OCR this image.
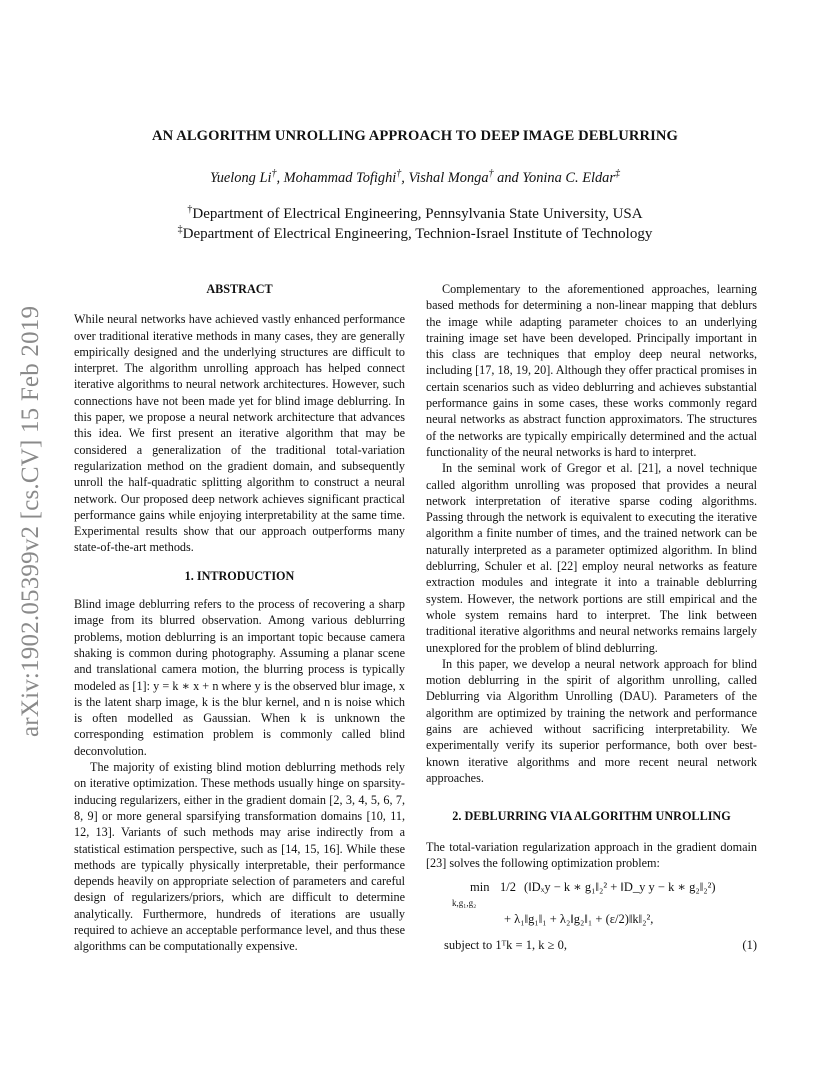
arXiv:1902.05399v2 [cs.CV] 15 Feb 2019
AN ALGORITHM UNROLLING APPROACH TO DEEP IMAGE DEBLURRING
Yuelong Li†, Mohammad Tofighi†, Vishal Monga† and Yonina C. Eldar‡
†Department of Electrical Engineering, Pennsylvania State University, USA
‡Department of Electrical Engineering, Technion-Israel Institute of Technology
ABSTRACT

While neural networks have achieved vastly enhanced performance over traditional iterative methods in many cases, they are generally empirically designed and the underlying structures are difficult to interpret. The algorithm unrolling approach has helped connect iterative algorithms to neural network architectures. However, such connections have not been made yet for blind image deblurring. In this paper, we propose a neural network architecture that advances this idea. We first present an iterative algorithm that may be considered a generalization of the traditional total-variation regularization method on the gradient domain, and subsequently unroll the half-quadratic splitting algorithm to construct a neural network. Our proposed deep network achieves significant practical performance gains while enjoying interpretability at the same time. Experimental results show that our approach outperforms many state-of-the-art methods.

1. INTRODUCTION

Blind image deblurring refers to the process of recovering a sharp image from its blurred observation. Among various deblurring problems, motion deblurring is an important topic because camera shaking is common during photography. Assuming a planar scene and translational camera motion, the blurring process is typically modeled as [1]: y = k ∗ x + n where y is the observed blur image, x is the latent sharp image, k is the blur kernel, and n is noise which is often modelled as Gaussian. When k is unknown the corresponding estimation problem is commonly called blind deconvolution.

The majority of existing blind motion deblurring methods rely on iterative optimization. These methods usually hinge on sparsity-inducing regularizers, either in the gradient domain [2, 3, 4, 5, 6, 7, 8, 9] or more general sparsifying transformation domains [10, 11, 12, 13]. Variants of such methods may arise indirectly from a statistical estimation perspective, such as [14, 15, 16]. While these methods are typically physically interpretable, their performance depends heavily on appropriate selection of parameters and careful design of regularizers/priors, which are difficult to determine analytically. Furthermore, hundreds of iterations are usually required to achieve an acceptable performance level, and thus these algorithms can be computationally expensive.

Complementary to the aforementioned approaches, learning based methods for determining a non-linear mapping that deblurs the image while adapting parameter choices to an underlying training image set have been developed. Principally important in this class are techniques that employ deep neural networks, including [17, 18, 19, 20]. Although they offer practical promises in certain scenarios such as video deblurring and achieves substantial performance gains in some cases, these works commonly regard neural networks as abstract function approximators. The structures of the networks are typically empirically determined and the actual functionality of the neural networks is hard to interpret.

In the seminal work of Gregor et al. [21], a novel technique called algorithm unrolling was proposed that provides a neural network interpretation of iterative sparse coding algorithms. Passing through the network is equivalent to executing the iterative algorithm a finite number of times, and the trained network can be naturally interpreted as a parameter optimized algorithm. In blind deblurring, Schuler et al. [22] employ neural networks as feature extraction modules and integrate it into a trainable deblurring system. However, the network portions are still empirical and the whole system remains hard to interpret. The link between traditional iterative algorithms and neural networks remains largely unexplored for the problem of blind deblurring.

In this paper, we develop a neural network approach for blind motion deblurring in the spirit of algorithm unrolling, called Deblurring via Algorithm Unrolling (DAU). Parameters of the algorithm are optimized by training the network and performance gains are achieved without sacrificing interpretability. We experimentally verify its superior performance, both over best-known iterative algorithms and more recent neural network approaches.

2. DEBLURRING VIA ALGORITHM UNROLLING

The total-variation regularization approach in the gradient domain [23] solves the following optimization problem:

min
k,g₁,g₂
1/2 (‖Dₓy − k ∗ g₁‖₂² + ‖D_y y − k ∗ g₂‖₂²)
+ λ₁‖g₁‖₁ + λ₂‖g₂‖₁ + (ε/2)‖k‖₂²,
subject to 1ᵀk = 1, k ≥ 0,	(1)
